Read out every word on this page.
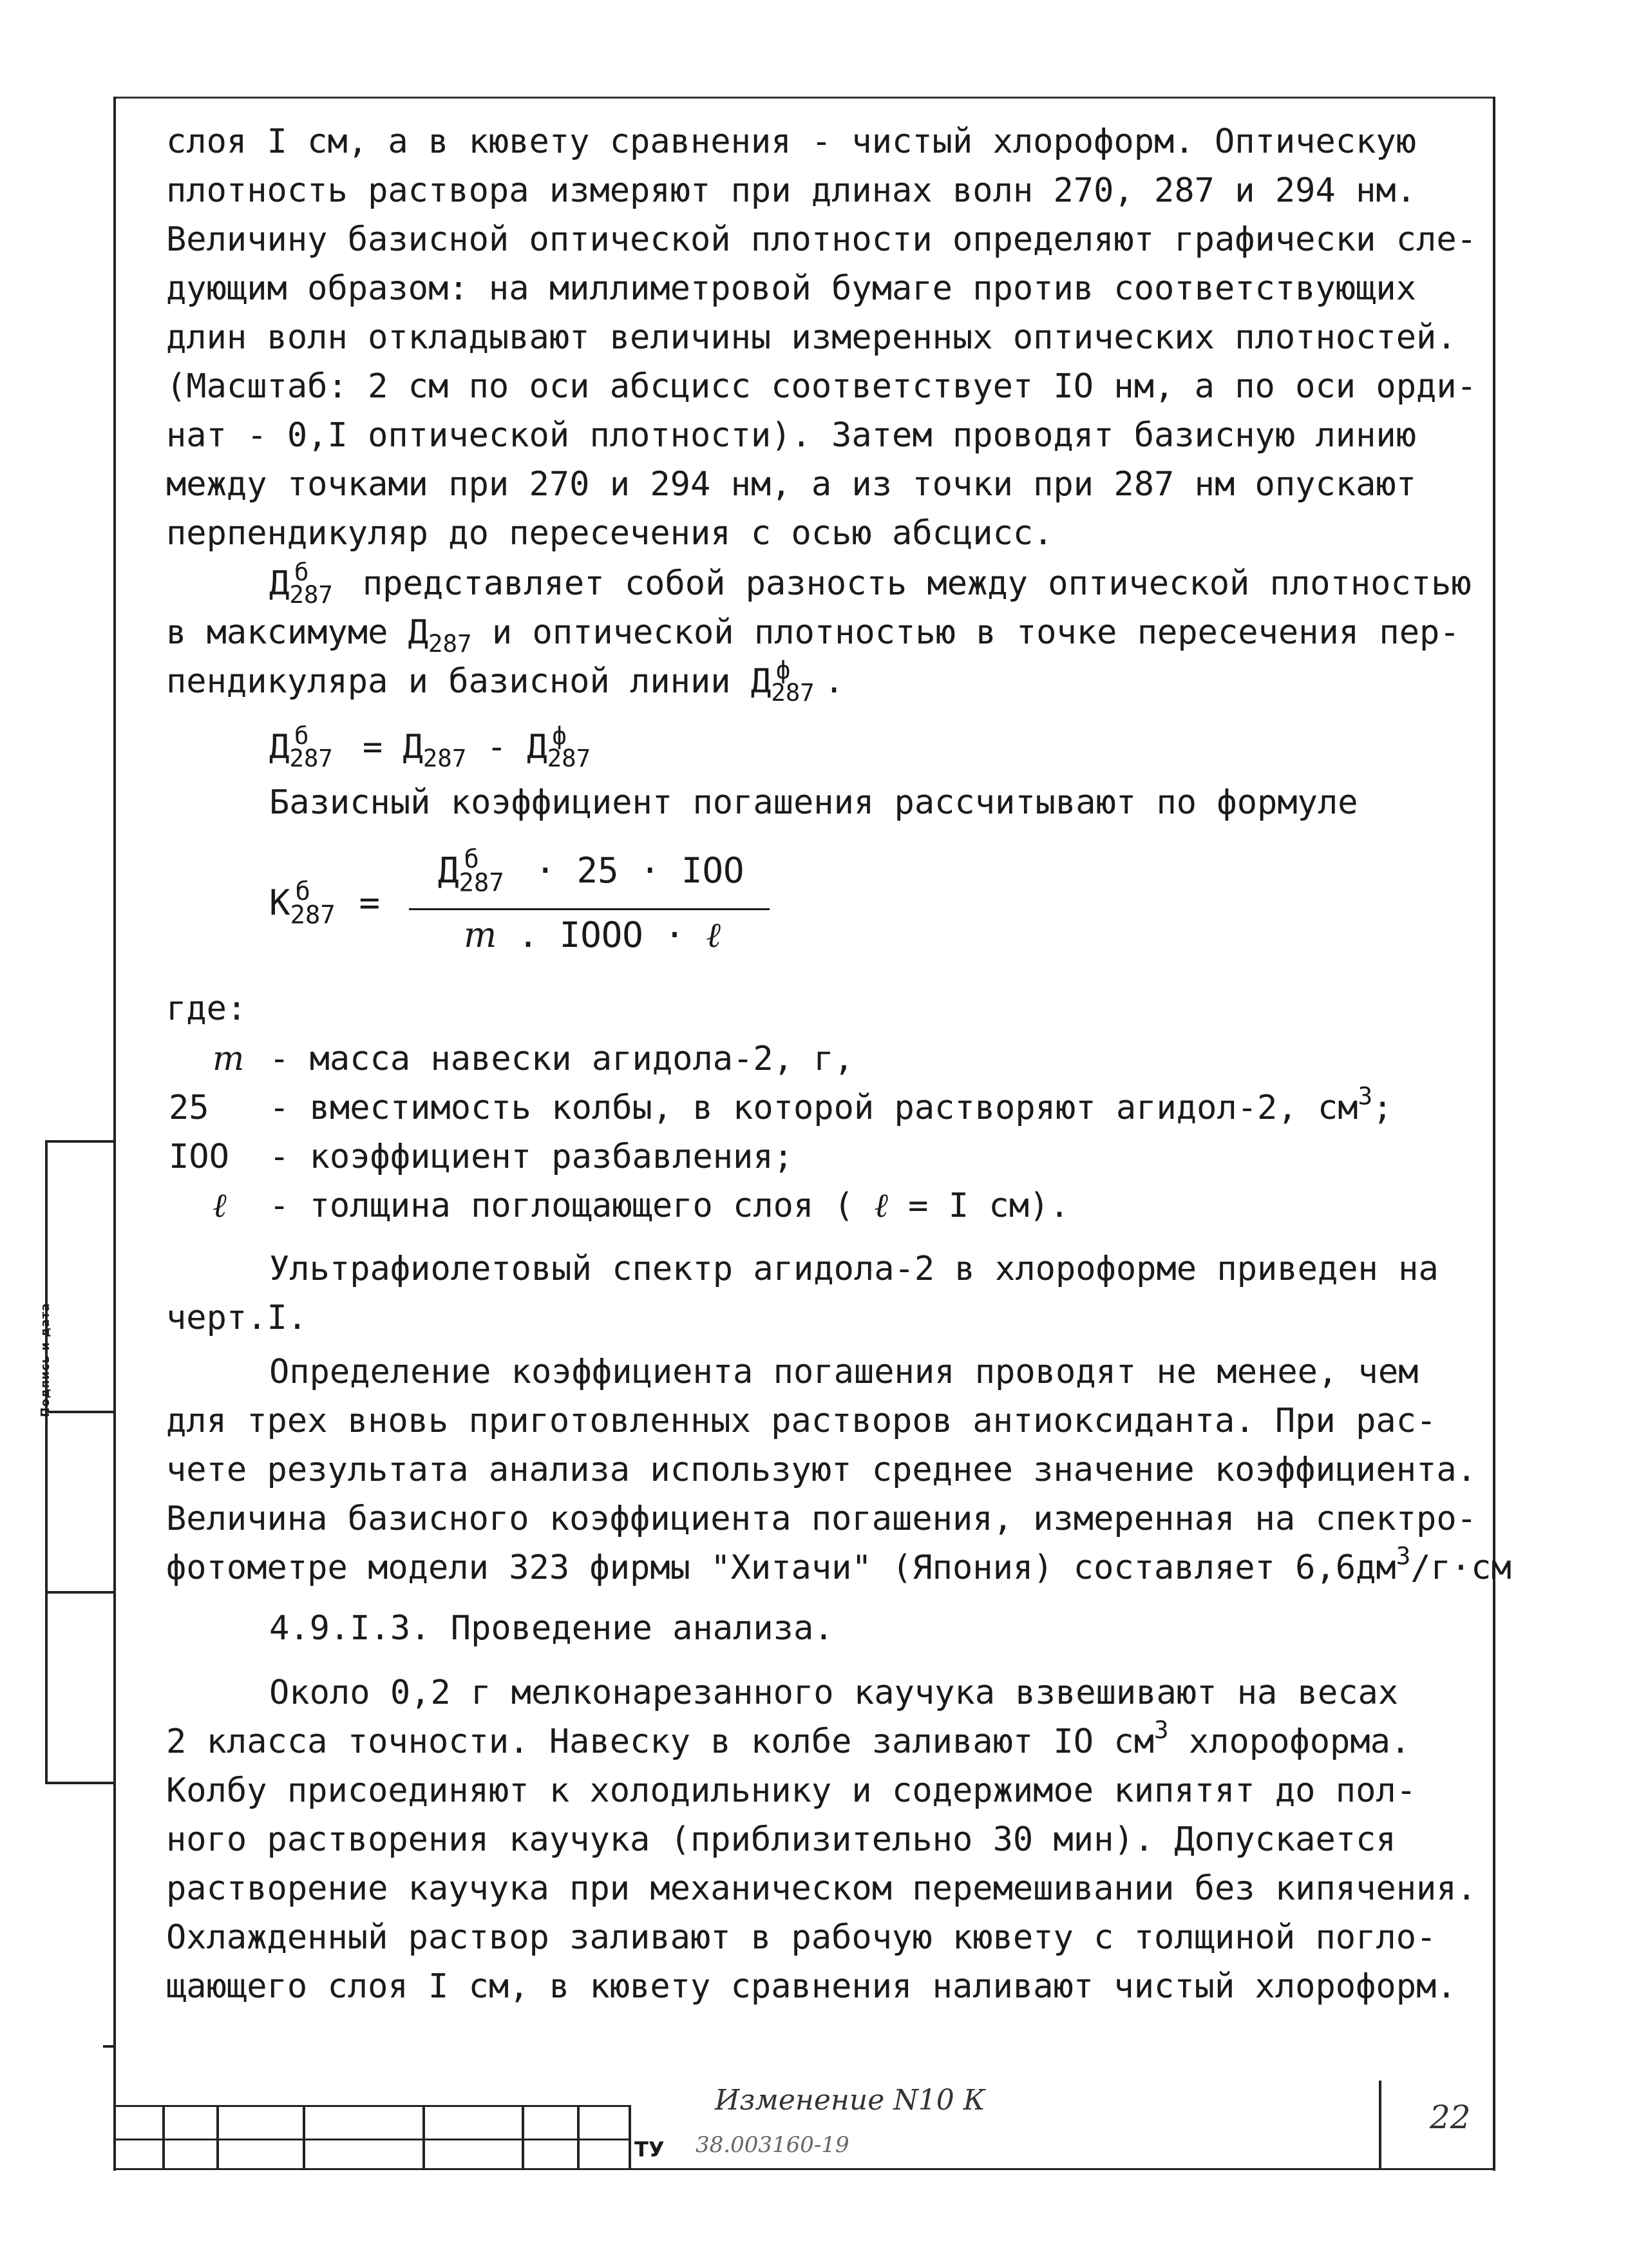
Подпись и дата
слоя I см, а в кювету сравнения - чистый хлороформ. Оптическую
плотность раствора измеряют при длинах волн 270, 287 и 294 нм.
Величину базисной оптической плотности определяют графически сле-
дующим образом: на миллиметровой бумаге против соответствующих
длин волн откладывают величины измеренных оптических плотностей.
(Масштаб: 2 см по оси абсцисс соответствует IO нм, а по оси орди-
нат - 0,I оптической плотности). Затем проводят базисную линию
между точками при 270 и 294 нм, а из точки при 287 нм опускают
перпендикуляр до пересечения с осью абсцисс.
$Д_{287}^б$ представляет собой разность между оптической плотностью
в максимуме $Д_{287}$ и оптической плотностью в точке пересечения пер-
пендикуляра и базисной линии $Д_{287}^ф$ .
$Д_{287}^б = Д_{287} - Д_{287}^ф$
Базисный коэффициент погашения рассчитывают по формуле
$К_{287}^б$ =
$Д_{287}^б \cdot 25$ · IOO
m . IOOO · ℓ
где:
m - масса навески агидола-2, г,
25 - вместимость колбы, в которой растворяют агидол-2, $см^3$;
IOO - коэффициент разбавления;
ℓ - толщина поглощающего слоя ( ℓ = I см).
Ультрафиолетовый спектр агидола-2 в хлороформе приведен на
черт.I.
Определение коэффициента погашения проводят не менее, чем
для трех вновь приготовленных растворов антиоксиданта. При рас-
чете результата анализа используют среднее значение коэффициента.
Величина базисного коэффициента погашения, измеренная на спектро-
фотометре модели 323 фирмы "Хитачи" (Япония) составляет $6,6дм^3/г\cdot см$
4.9.I.3. Проведение анализа.
Около 0,2 г мелконарезанного каучука взвешивают на весах
2 класса точности. Навеску в колбе заливают IO $см^3$ хлороформа.
Колбу присоединяют к холодильнику и содержимое кипятят до пол-
ного растворения каучука (приблизительно 30 мин). Допускается
растворение каучука при механическом перемешивании без кипячения.
Охлажденный раствор заливают в рабочую кювету с толщиной погло-
щающего слоя I см, в кювету сравнения наливают чистый хлороформ.
Изменение N10 К
ТУ 38.003160-19
22
